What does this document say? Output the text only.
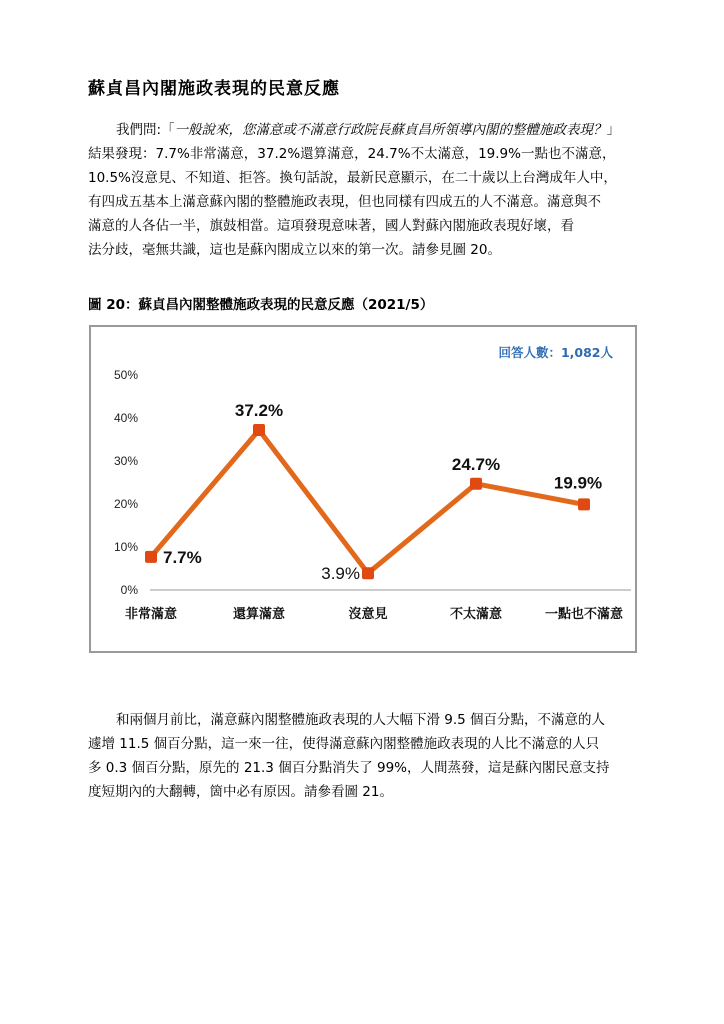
蘇貞昌內閣施政表現的民意反應
我們問:「一般說來，您滿意或不滿意行政院長蘇貞昌所領導內閣的整體施政表現？」
結果發現：7.7%非常滿意，37.2%還算滿意，24.7%不太滿意，19.9%一點也不滿意，
10.5%沒意見、不知道、拒答。換句話說，最新民意顯示，在二十歲以上台灣成年人中，
有四成五基本上滿意蘇內閣的整體施政表現，但也同樣有四成五的人不滿意。滿意與不
滿意的人各佔一半，旗鼓相當。這項發現意味著，國人對蘇內閣施政表現好壞，看
法分歧，毫無共識，這也是蘇內閣成立以來的第一次。請參見圖 20。
圖 20：蘇貞昌內閣整體施政表現的民意反應（2021/5）
回答人數：1,082人
0%
10%
20%
30%
40%
50%
非常滿意	還算滿意	沒意見	不太滿意	一點也不滿意
7.7%
37.2%
3.9%
24.7%
19.9%
和兩個月前比，滿意蘇內閣整體施政表現的人大幅下滑 9.5 個百分點，不滿意的人
遽增 11.5 個百分點，這一來一往，使得滿意蘇內閣整體施政表現的人比不滿意的人只
多 0.3 個百分點，原先的 21.3 個百分點消失了 99%，人間蒸發，這是蘇內閣民意支持
度短期內的大翻轉，箇中必有原因。請參看圖 21。
